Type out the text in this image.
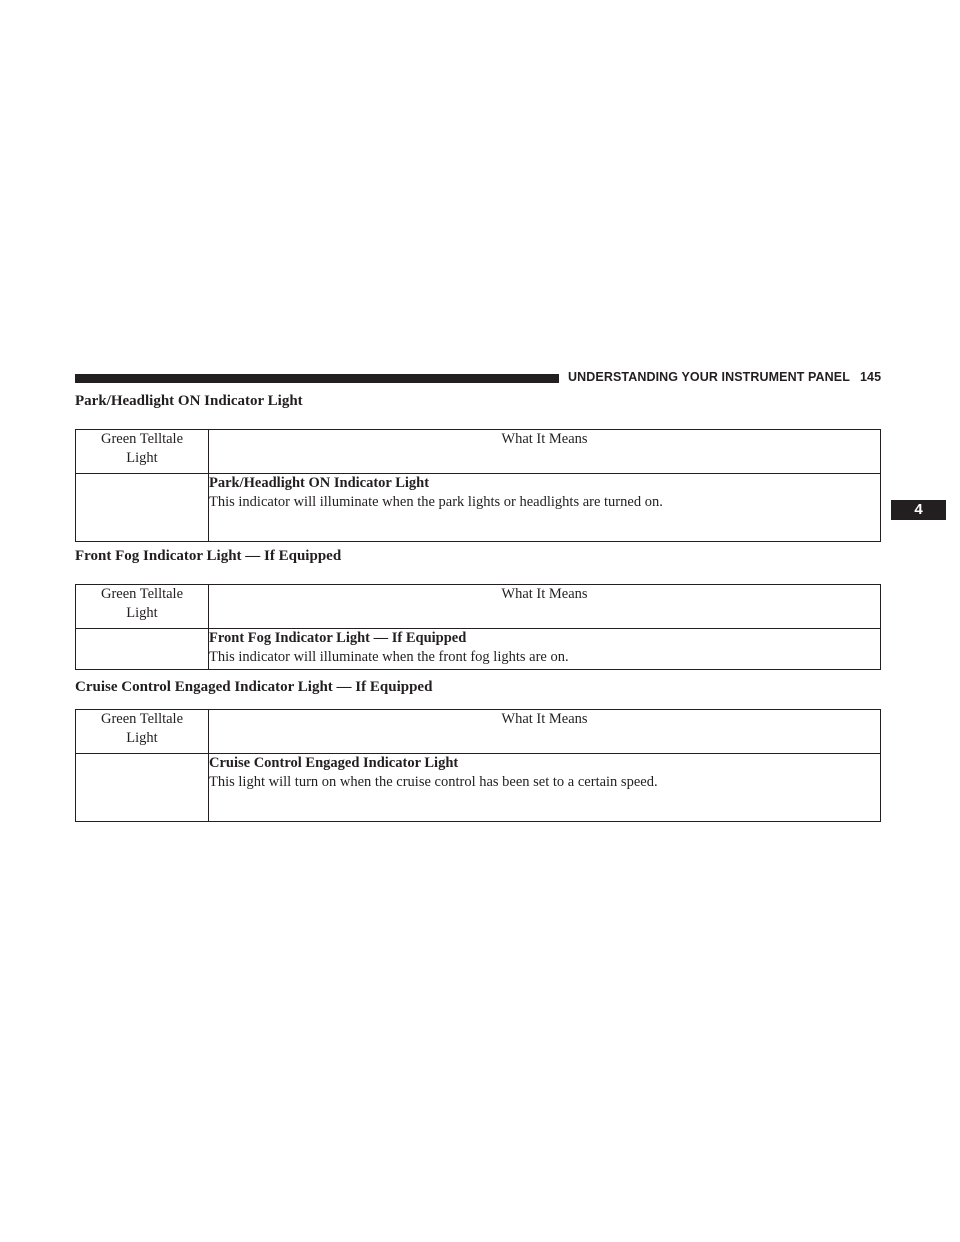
UNDERSTANDING YOUR INSTRUMENT PANEL 145
4
Park/Headlight ON Indicator Light
Green Telltale
Light	What It Means

	Park/Headlight ON Indicator Light
This indicator will illuminate when the park lights or headlights are turned on.
Front Fog Indicator Light — If Equipped
Green Telltale
Light	What It Means

	Front Fog Indicator Light — If Equipped
This indicator will illuminate when the front fog lights are on.
Cruise Control Engaged Indicator Light — If Equipped
Green Telltale
Light	What It Means

	Cruise Control Engaged Indicator Light
This light will turn on when the cruise control has been set to a certain speed.
